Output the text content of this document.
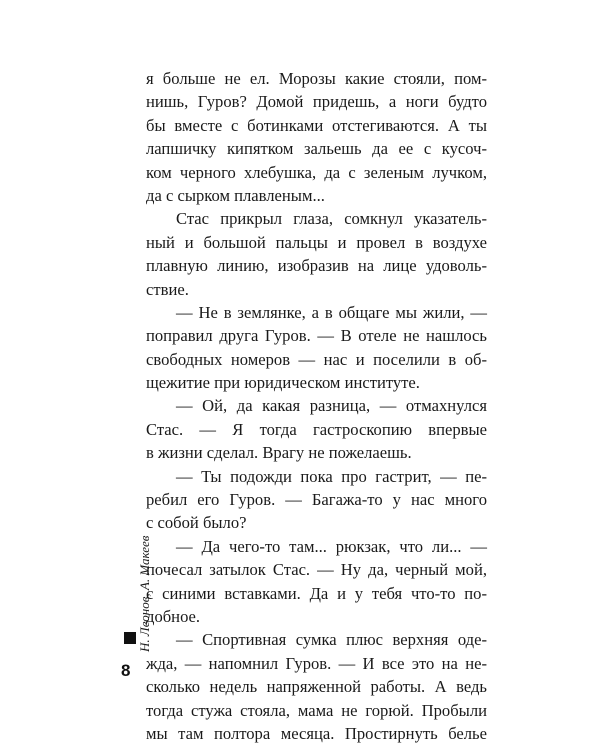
я больше не ел. Морозы какие стояли, пом-
нишь, Гуров? Домой придешь, а ноги будто
бы вместе с ботинками отстегиваются. А ты
лапшичку кипятком зальешь да ее с кусоч-
ком черного хлебушка, да с зеленым лучком,
да с сырком плавленым...
Стас прикрыл глаза, сомкнул указатель-
ный и большой пальцы и провел в воздухе
плавную линию, изобразив на лице удоволь-
ствие.
— Не в землянке, а в общаге мы жили, —
поправил друга Гуров. — В отеле не нашлось
свободных номеров — нас и поселили в об-
щежитие при юридическом институте.
— Ой, да какая разница, — отмахнулся
Стас. — Я тогда гастроскопию впервые
в жизни сделал. Врагу не пожелаешь.
— Ты подожди пока про гастрит, — пе-
ребил его Гуров. — Багажа-то у нас много
с собой было?
— Да чего-то там... рюкзак, что ли... —
почесал затылок Стас. — Ну да, черный мой,
с синими вставками. Да и у тебя что-то по-
добное.
— Спортивная сумка плюс верхняя оде-
жда, — напомнил Гуров. — И все это на не-
сколько недель напряженной работы. А ведь
тогда стужа стояла, мама не горюй. Пробыли
мы там полтора месяца. Простирнуть белье
Н. Леонов, А. Макеев
8
